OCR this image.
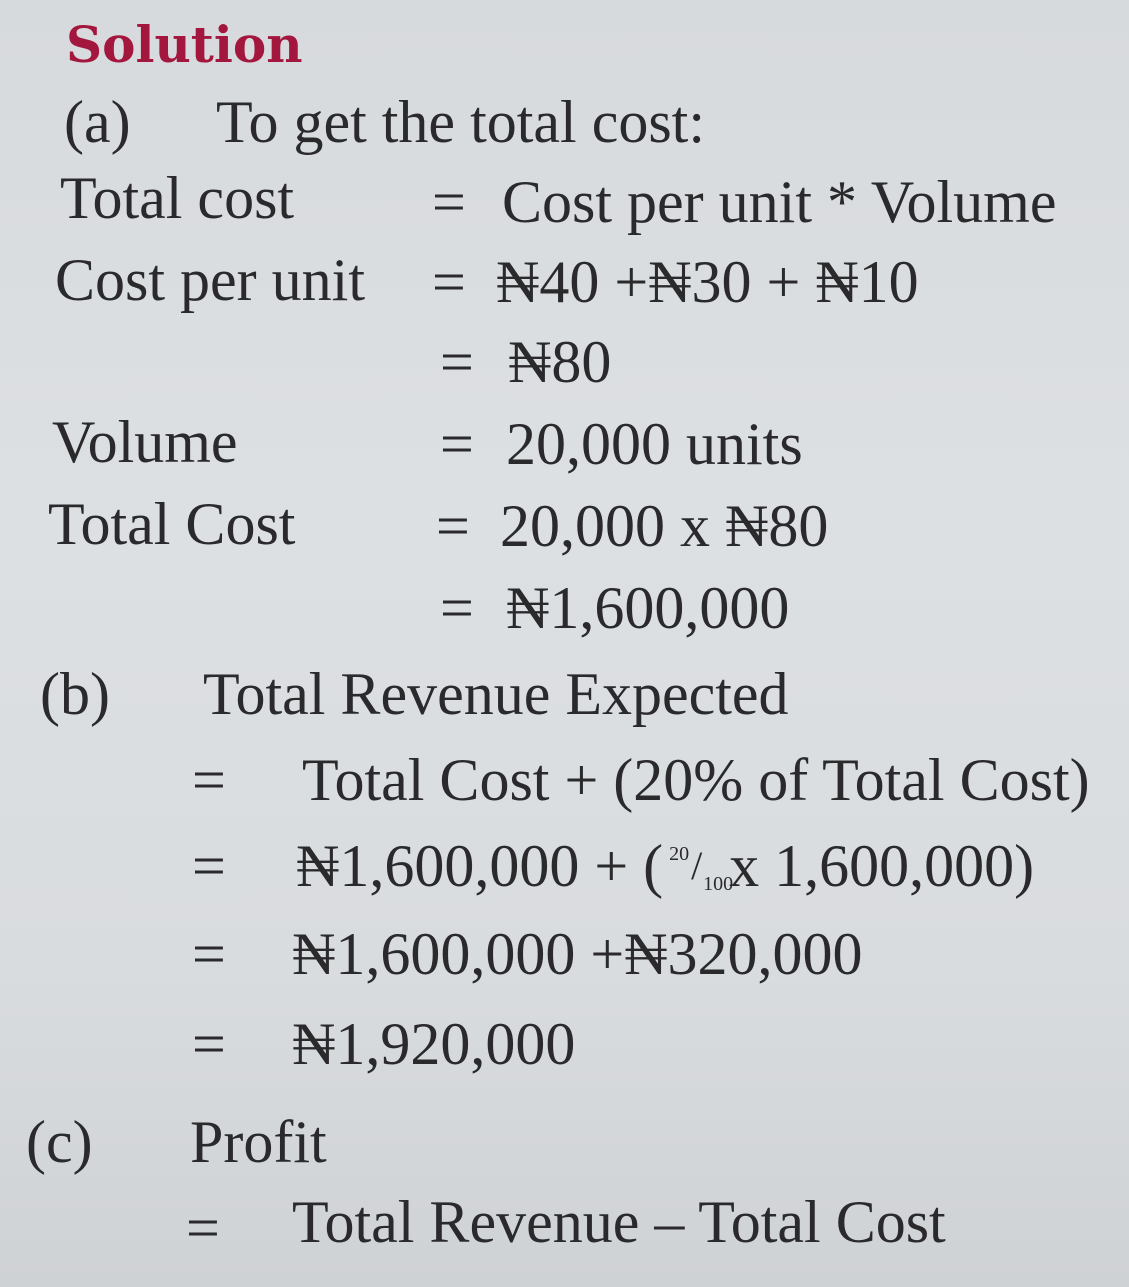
Solution
(a) To get the total cost:
Total cost = Cost per unit * Volume
Cost per unit = ₦40 +₦30 + ₦10
= ₦80
Volume	= 20,000 units
Total Cost = 20,000 x ₦80
= ₦1,600,000
(b) Total Revenue Expected
= Total Cost + (20% of Total Cost)
= ₦1,600,000 + ( 20 / 100
x 1,600,000)
= ₦1,600,000 +₦320,000
= ₦1,920,000
(c) Profit
= Total Revenue – Total Cost
